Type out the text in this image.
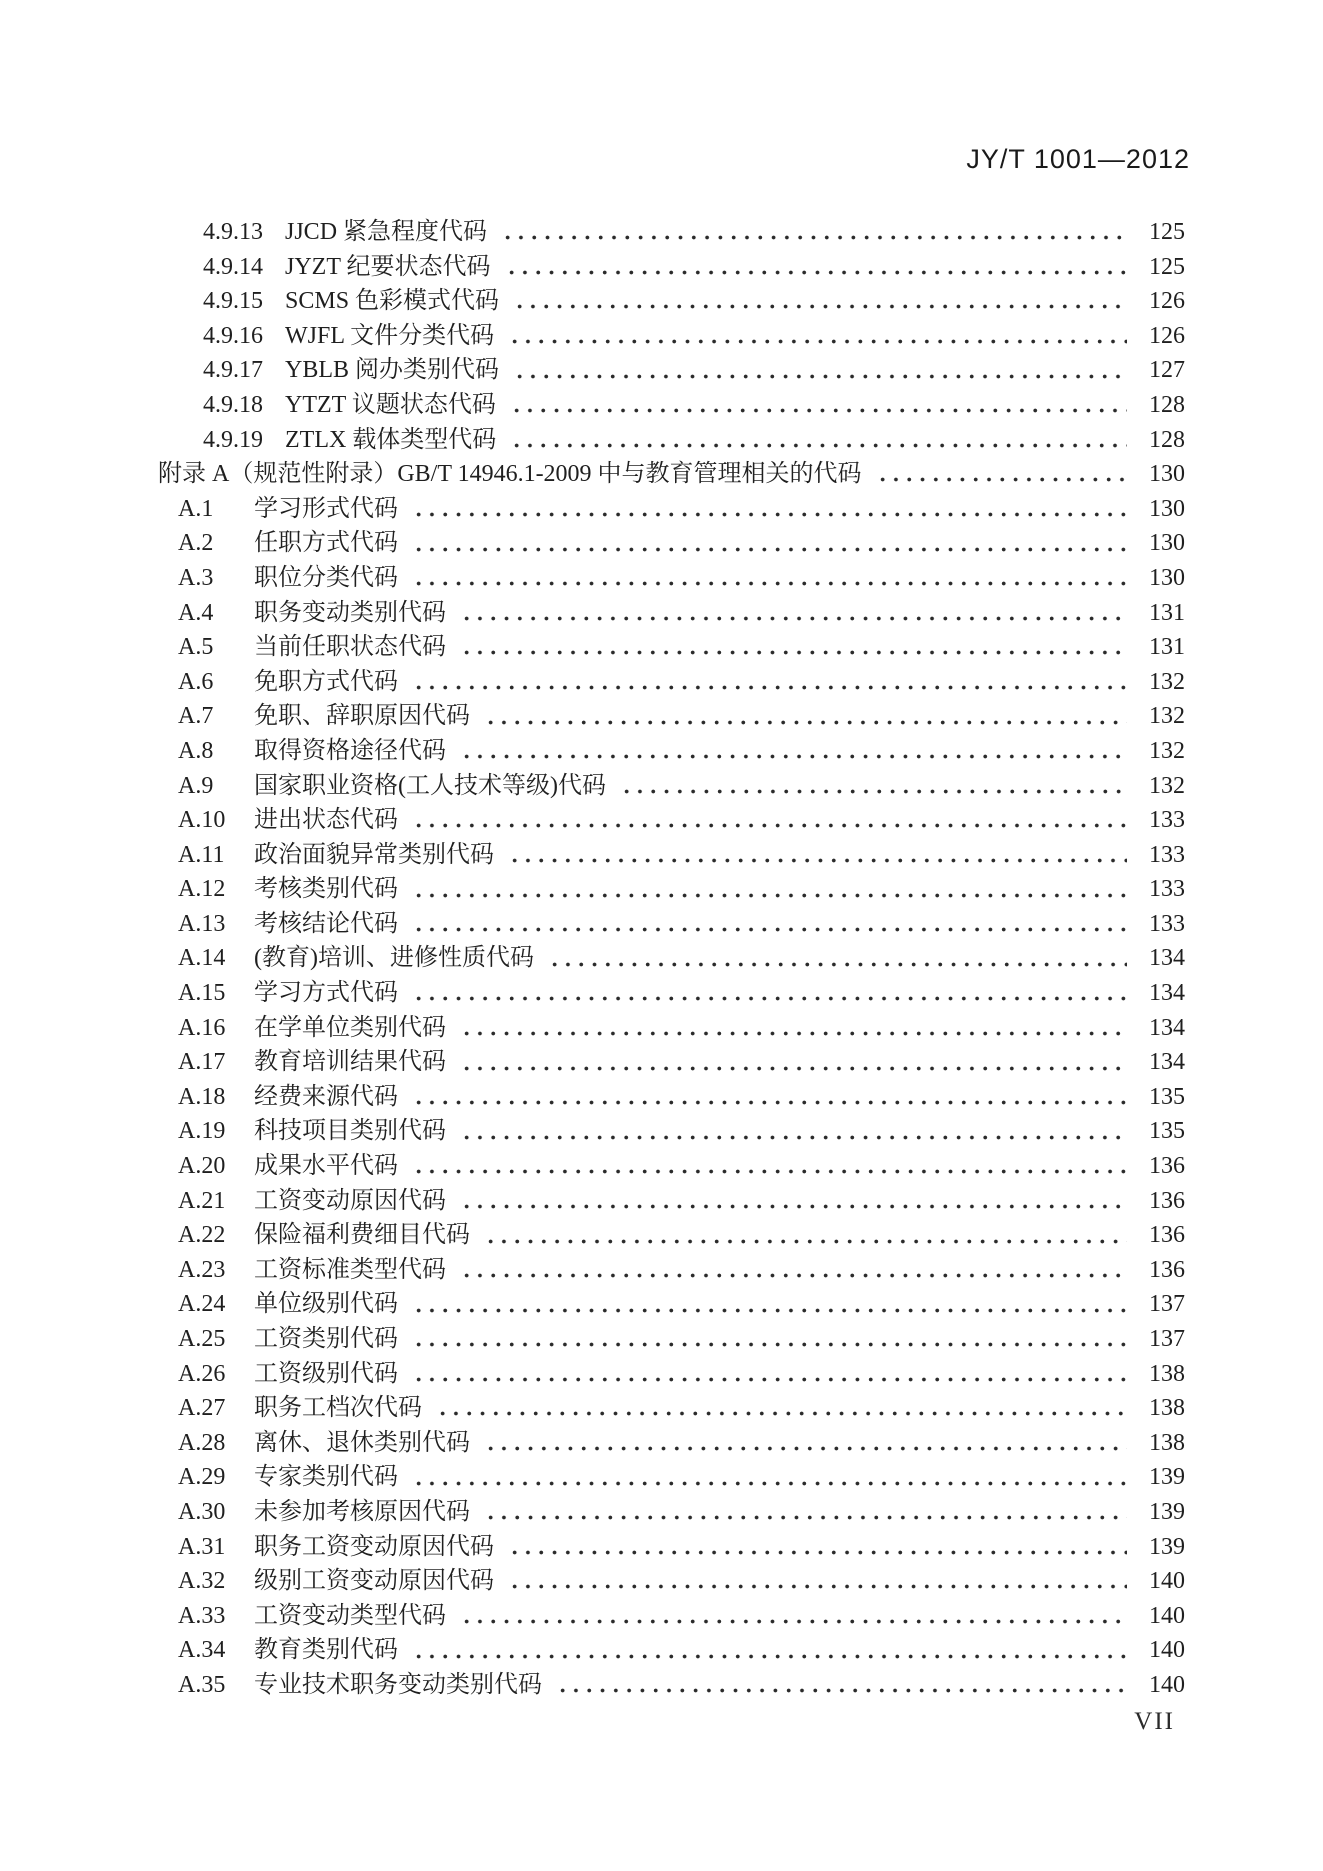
JY/T 1001—2012
4.9.13 JJCD 紧急程度代码	125
4.9.14 JYZT 纪要状态代码	125
4.9.15 SCMS 色彩模式代码	126
4.9.16 WJFL 文件分类代码	126
4.9.17 YBLB 阅办类别代码	127
4.9.18 YTZT 议题状态代码	128
4.9.19 ZTLX 载体类型代码	128
附录 A（规范性附录）GB/T 14946.1-2009 中与教育管理相关的代码	130
A.1	学习形式代码	130
A.2	任职方式代码	130
A.3	职位分类代码	130
A.4	职务变动类别代码	131
A.5	当前任职状态代码	131
A.6	免职方式代码	132
A.7	免职、辞职原因代码	132
A.8	取得资格途径代码	132
A.9	国家职业资格(工人技术等级)代码	132
A.10	进出状态代码	133
A.11	政治面貌异常类别代码	133
A.12	考核类别代码	133
A.13	考核结论代码	133
A.14	(教育)培训、进修性质代码	134
A.15	学习方式代码	134
A.16	在学单位类别代码	134
A.17	教育培训结果代码	134
A.18	经费来源代码	135
A.19	科技项目类别代码	135
A.20	成果水平代码	136
A.21	工资变动原因代码	136
A.22	保险福利费细目代码	136
A.23	工资标准类型代码	136
A.24	单位级别代码	137
A.25	工资类别代码	137
A.26	工资级别代码	138
A.27	职务工档次代码	138
A.28	离休、退休类别代码	138
A.29	专家类别代码	139
A.30	未参加考核原因代码	139
A.31	职务工资变动原因代码	139
A.32	级别工资变动原因代码	140
A.33	工资变动类型代码	140
A.34	教育类别代码	140
A.35	专业技术职务变动类别代码	140
VII
